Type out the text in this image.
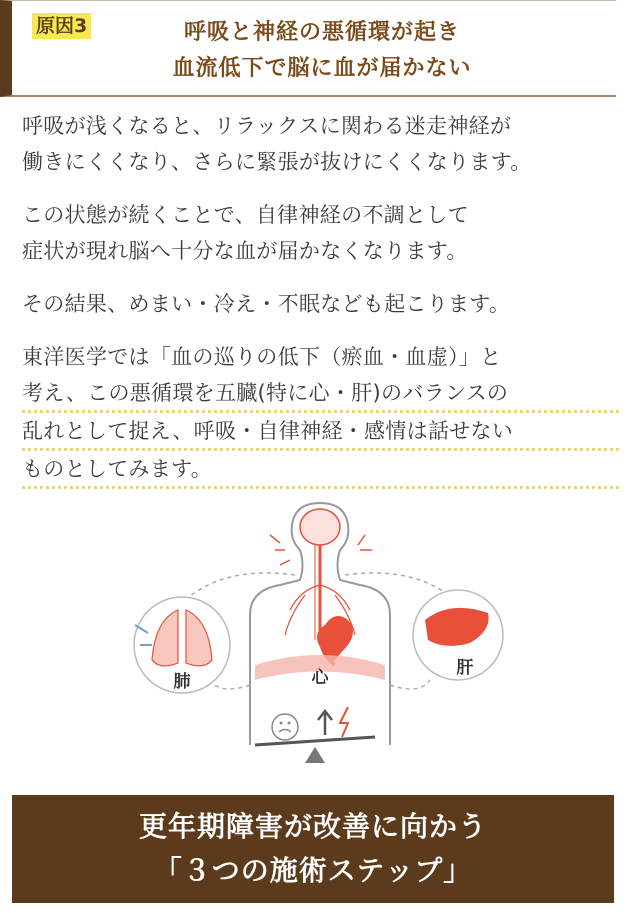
原因3	呼吸と神経の悪循環が起き
血流低下で脳に血が届かない

呼吸が浅くなると、リラックスに関わる迷走神経が
働きにくくなり、さらに緊張が抜けにくくなります。

この状態が続くことで、自律神経の不調として
症状が現れ脳へ十分な血が届かなくなります。

その結果、めまい・冷え・不眠なども起こります。

東洋医学では「血の巡りの低下（瘀血・血虚）」と
考え、この悪循環を五臓(特に心・肝)のバランスの
乱れとして捉え、呼吸・自律神経・感情は話せない
ものとしてみます。

肺
肝
心
更年期障害が改善に向かう
「３つの施術ステップ」
